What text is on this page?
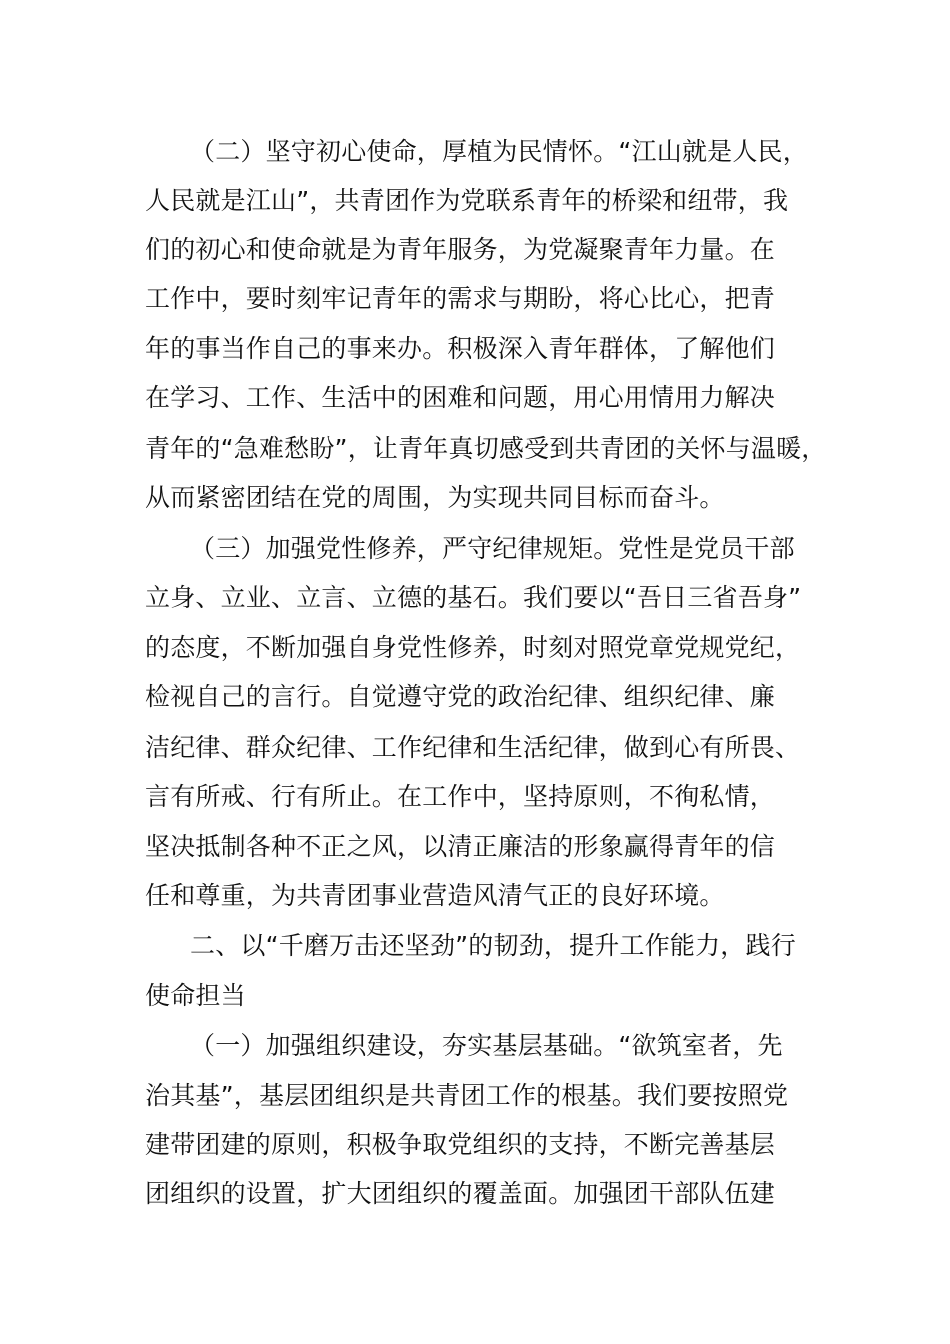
（二）坚守初心使命，厚植为民情怀。“江山就是人民，
人民就是江山”，共青团作为党联系青年的桥梁和纽带，我
们的初心和使命就是为青年服务，为党凝聚青年力量。在
工作中，要时刻牢记青年的需求与期盼，将心比心，把青
年的事当作自己的事来办。积极深入青年群体，了解他们
在学习、工作、生活中的困难和问题，用心用情用力解决
青年的“急难愁盼”，让青年真切感受到共青团的关怀与温暖，
从而紧密团结在党的周围，为实现共同目标而奋斗。
（三）加强党性修养，严守纪律规矩。党性是党员干部
立身、立业、立言、立德的基石。我们要以“吾日三省吾身”
的态度，不断加强自身党性修养，时刻对照党章党规党纪，
检视自己的言行。自觉遵守党的政治纪律、组织纪律、廉
洁纪律、群众纪律、工作纪律和生活纪律，做到心有所畏、
言有所戒、行有所止。在工作中，坚持原则，不徇私情，
坚决抵制各种不正之风，以清正廉洁的形象赢得青年的信
任和尊重，为共青团事业营造风清气正的良好环境。
二、以“千磨万击还坚劲”的韧劲，提升工作能力，践行
使命担当
（一）加强组织建设，夯实基层基础。“欲筑室者，先
治其基”，基层团组织是共青团工作的根基。我们要按照党
建带团建的原则，积极争取党组织的支持，不断完善基层
团组织的设置，扩大团组织的覆盖面。加强团干部队伍建
